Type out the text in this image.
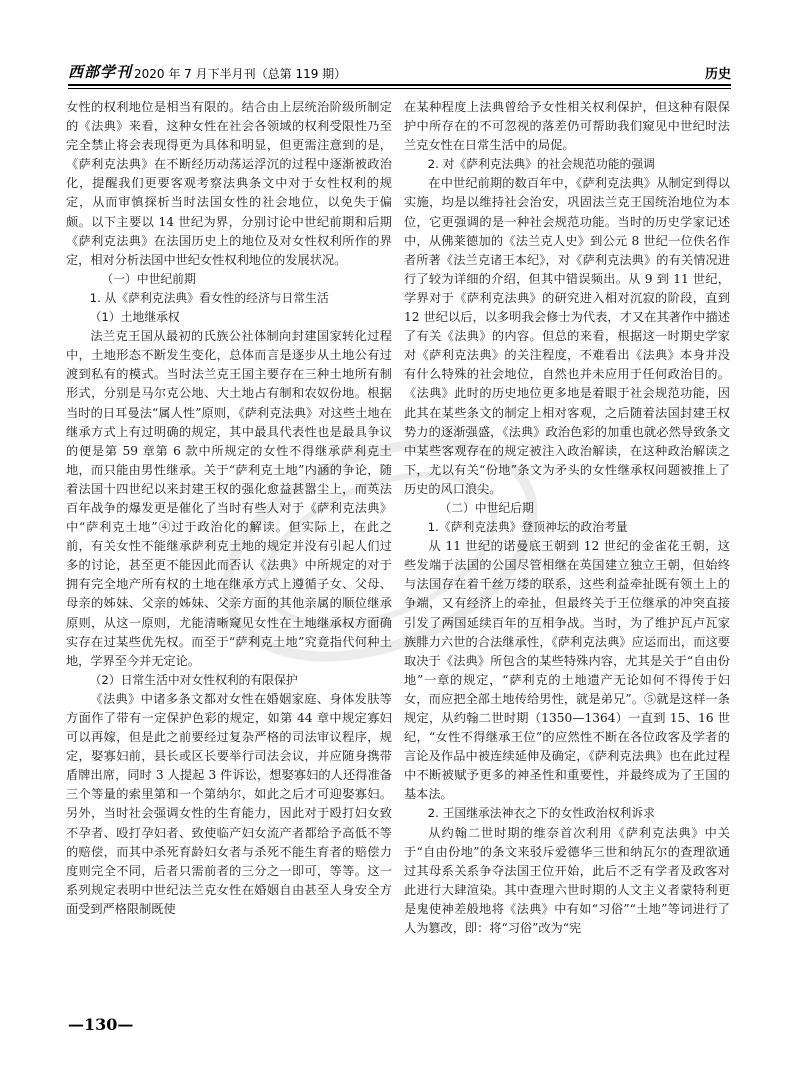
西部学刊 2020 年 7 月下半月刊（总第 119 期）	历史

女性的权利地位是相当有限的。结合由上层统治阶级所制定的《法典》来看，这种女性在社会各领域的权利受限性乃至完全禁止将会表现得更为具体和明显，但更需注意到的是，《萨利克法典》在不断经历动荡运浮沉的过程中逐渐被政治化，提醒我们更要客观考察法典条文中对于女性权利的规定，从而审慎探析当时法国女性的社会地位，以免失于偏颇。以下主要以 14 世纪为界，分别讨论中世纪前期和后期《萨利克法典》在法国历史上的地位及对女性权利所作的界定，相对分析法国中世纪女性权利地位的发展状况。

（一）中世纪前期

1. 从《萨利克法典》看女性的经济与日常生活

（1）土地继承权

法兰克王国从最初的氏族公社体制向封建国家转化过程中，土地形态不断发生变化，总体而言是逐步从土地公有过渡到私有的模式。当时法兰克王国主要存在三种土地所有制形式，分别是马尔克公地、大土地占有制和农奴份地。根据当时的日耳曼法“属人性”原则，《萨利克法典》对这些土地在继承方式上有过明确的规定，其中最具代表性也是最具争议的便是第 59 章第 6 款中所规定的女性不得继承萨利克土地，而只能由男性继承。关于“萨利克土地”内涵的争论，随着法国十四世纪以来封建王权的强化愈益甚嚣尘上，而英法百年战争的爆发更是催化了当时有些人对于《萨利克法典》中“萨利克土地”④过于政治化的解读。但实际上，在此之前，有关女性不能继承萨利克土地的规定并没有引起人们过多的讨论，甚至更不能因此而否认《法典》中所规定的对于拥有完全地产所有权的土地在继承方式上遵循子女、父母、母亲的姊妹、父亲的姊妹、父亲方面的其他亲属的顺位继承原则，从这一原则，尤能清晰窥见女性在土地继承权方面确实存在过某些优先权。而至于“萨利克土地”究竟指代何种土地，学界至今并无定论。

（2）日常生活中对女性权利的有限保护

《法典》中诸多条文都对女性在婚姻家庭、身体发肤等方面作了带有一定保护色彩的规定，如第 44 章中规定寡妇可以再嫁，但是此之前要经过复杂严格的司法审议程序，规定，娶寡妇前，县长或区长要举行司法会议，并应随身携带盾牌出席，同时 3 人提起 3 件诉讼，想娶寡妇的人还得准备三个等量的索里第和一个第纳尔，如此之后才可迎娶寡妇。另外，当时社会强调女性的生育能力，因此对于殴打妇女致不孕者、殴打孕妇者、致使临产妇女流产者都给予高低不等的赔偿，而其中杀死育龄妇女者与杀死不能生育者的赔偿力度则完全不同，后者只需前者的三分之一即可，等等。这一系列规定表明中世纪法兰克女性在婚姻自由甚至人身安全方面受到严格限制既使

在某种程度上法典曾给予女性相关权利保护，但这种有限保护中所存在的不可忽视的落差仍可帮助我们窥见中世纪时法兰克女性在日常生活中的局促。

2. 对《萨利克法典》的社会规范功能的强调

在中世纪前期的数百年中，《萨利克法典》从制定到得以实施，均是以维持社会治安，巩固法兰克王国统治地位为本位，它更强调的是一种社会规范功能。当时的历史学家记述中，从佛莱德加的《法兰克人史》到公元 8 世纪一位佚名作者所著《法兰克诸王本纪》，对《萨利克法典》的有关情况进行了较为详细的介绍，但其中错误频出。从 9 到 11 世纪，学界对于《萨利克法典》的研究进入相对沉寂的阶段，直到 12 世纪以后，以多明我会修士为代表，才又在其著作中描述了有关《法典》的内容。但总的来看，根据这一时期史学家对《萨利克法典》的关注程度，不难看出《法典》本身并没有什么特殊的社会地位，自然也并未应用于任何政治目的。《法典》此时的历史地位更多地是着眼于社会规范功能，因此其在某些条文的制定上相对客观，之后随着法国封建王权势力的逐渐强盛，《法典》政治色彩的加重也就必然导致条文中某些客观存在的规定被注入政治解读，在这种政治解读之下，尤以有关“份地”条文为矛头的女性继承权问题被推上了历史的风口浪尖。

（二）中世纪后期

1.《萨利克法典》登顶神坛的政治考量

从 11 世纪的诺曼底王朝到 12 世纪的金雀花王朝，这些发端于法国的公国尽管相继在英国建立独立王朝，但始终与法国存在着千丝万缕的联系，这些利益牵扯既有领土上的争端，又有经济上的牵扯，但最终关于王位继承的冲突直接引发了两国延续百年的互相争战。当时，为了维护瓦卢瓦家族腓力六世的合法继承性，《萨利克法典》应运而出，而这要取决于《法典》所包含的某些特殊内容，尤其是关于“自由份地”一章的规定，“萨利克的土地遗产无论如何不得传于妇女，而应把全部土地传给男性，就是弟兄”。⑤就是这样一条规定，从约翰二世时期（1350—1364）一直到 15、16 世纪，“女性不得继承王位”的应然性不断在各位政客及学者的言论及作品中被连续延伸及确定，《萨利克法典》也在此过程中不断被赋予更多的神圣性和重要性，并最终成为了王国的基本法。

2. 王国继承法神衣之下的女性政治权利诉求

从约翰二世时期的维奈首次利用《萨利克法典》中关于“自由份地”的条文来驳斥爱德华三世和纳瓦尔的查理欲通过其母系关系争夺法国王位开始，此后不乏有学者及政客对此进行大肆渲染。其中查理六世时期的人文主义者蒙特利更是鬼使神差般地将《法典》中有如“习俗”“土地”等词进行了人为篡改，即：将“习俗”改为“宪

—130—
